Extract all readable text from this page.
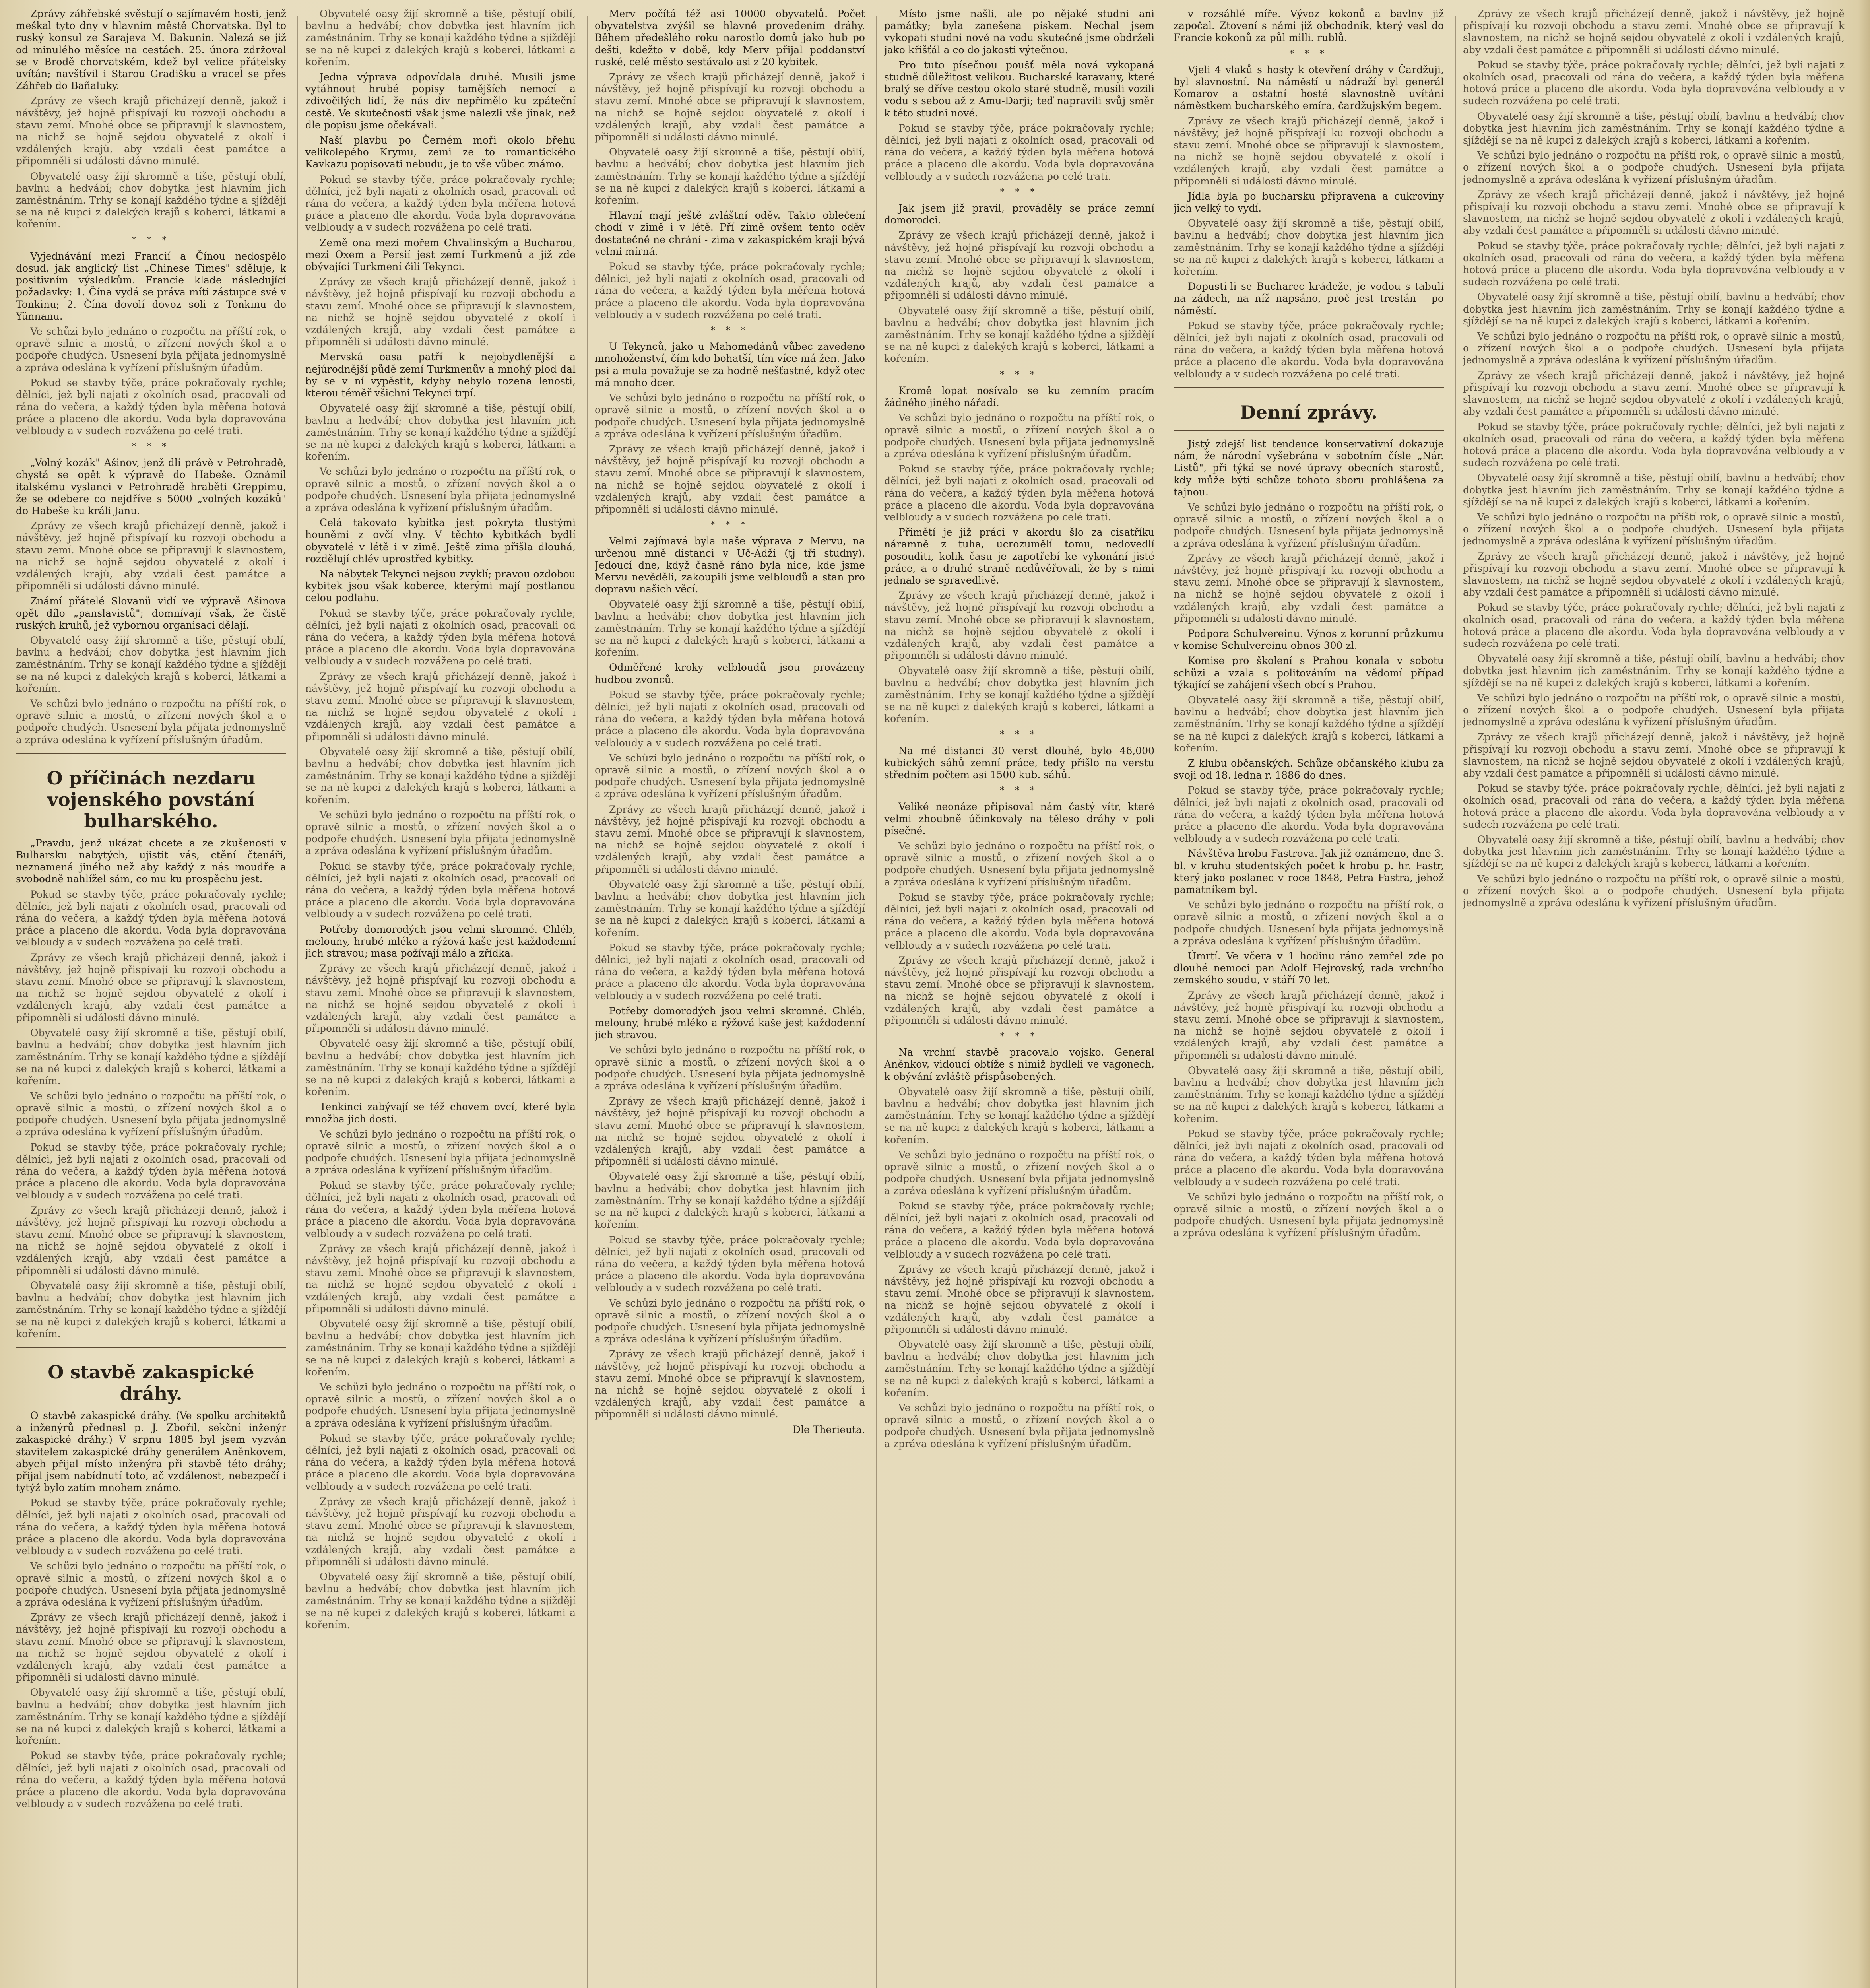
Zprávy záhřebské svěstují o sajímavém hosti, jenž meškal tyto dny v hlavním městě Chorvatska. Byl to ruský konsul ze Sarajeva M. Bakunin. Nalezá se již od minulého měsíce na cestách. 25. února zdržoval se v Brodě chorvatském, kdež byl velice přátelsky uvítán; navštívil i Starou Gradišku a vracel se přes Záhřeb do Bañaluky.

Zprávy ze všech krajů přicházejí denně, jakož i návštěvy, jež hojně přispívají ku rozvoji obchodu a stavu zemí. Mnohé obce se připravují k slavnostem, na nichž se hojně sejdou obyvatelé z okolí i vzdálených krajů, aby vzdali čest památce a připomněli si události dávno minulé.

Obyvatelé oasy žijí skromně a tiše, pěstují obilí, bavlnu a hedvábí; chov dobytka jest hlavním jich zaměstnáním. Trhy se konají každého týdne a sjíždějí se na ně kupci z dalekých krajů s koberci, látkami a kořením.

* * *

Vyjednávání mezi Francií a Čínou nedospělo dosud, jak anglický list „Chinese Times" sděluje, k positivním výsledkům. Francie klade následující požadavky: 1. Čína vydá se práva míti zástupce své v Tonkinu; 2. Čína dovolí dovoz soli z Tonkinu do Yünnanu.

Ve schůzi bylo jednáno o rozpočtu na příští rok, o opravě silnic a mostů, o zřízení nových škol a o podpoře chudých. Usnesení byla přijata jednomyslně a zpráva odeslána k vyřízení příslušným úřadům.

Pokud se stavby týče, práce pokračovaly rychle; dělníci, jež byli najati z okolních osad, pracovali od rána do večera, a každý týden byla měřena hotová práce a placeno dle akordu. Voda byla dopravována velbloudy a v sudech rozvážena po celé trati.

* * *

„Volný kozák" Ašinov, jenž dlí právě v Petrohradě, chystá se opět k výpravě do Habeše. Oznámil italskému vyslanci v Petrohradě hraběti Greppimu, že se odebere co nejdříve s 5000 „volných kozáků" do Habeše ku králi Janu.

Zprávy ze všech krajů přicházejí denně, jakož i návštěvy, jež hojně přispívají ku rozvoji obchodu a stavu zemí. Mnohé obce se připravují k slavnostem, na nichž se hojně sejdou obyvatelé z okolí i vzdálených krajů, aby vzdali čest památce a připomněli si události dávno minulé.

Známí přátelé Slovanů vidí ve výpravě Ašinova opět dílo „panslavistů"; domnívají však, že čistě ruských kruhů, jež vybornou organisaci dělají.

Obyvatelé oasy žijí skromně a tiše, pěstují obilí, bavlnu a hedvábí; chov dobytka jest hlavním jich zaměstnáním. Trhy se konají každého týdne a sjíždějí se na ně kupci z dalekých krajů s koberci, látkami a kořením.

Ve schůzi bylo jednáno o rozpočtu na příští rok, o opravě silnic a mostů, o zřízení nových škol a o podpoře chudých. Usnesení byla přijata jednomyslně a zpráva odeslána k vyřízení příslušným úřadům.

O příčinách nezdaru vojenského povstání bulharského.

„Pravdu, jenž ukázat chcete a ze zkušenosti v Bulharsku nabytých, ujistit vás, ctění čtenáři, neznamená jiného než aby každý z nás moudře a svobodně nahlížel sám, co mu ku prospěchu jest.

Pokud se stavby týče, práce pokračovaly rychle; dělníci, jež byli najati z okolních osad, pracovali od rána do večera, a každý týden byla měřena hotová práce a placeno dle akordu. Voda byla dopravována velbloudy a v sudech rozvážena po celé trati.

Zprávy ze všech krajů přicházejí denně, jakož i návštěvy, jež hojně přispívají ku rozvoji obchodu a stavu zemí. Mnohé obce se připravují k slavnostem, na nichž se hojně sejdou obyvatelé z okolí i vzdálených krajů, aby vzdali čest památce a připomněli si události dávno minulé.

Obyvatelé oasy žijí skromně a tiše, pěstují obilí, bavlnu a hedvábí; chov dobytka jest hlavním jich zaměstnáním. Trhy se konají každého týdne a sjíždějí se na ně kupci z dalekých krajů s koberci, látkami a kořením.

Ve schůzi bylo jednáno o rozpočtu na příští rok, o opravě silnic a mostů, o zřízení nových škol a o podpoře chudých. Usnesení byla přijata jednomyslně a zpráva odeslána k vyřízení příslušným úřadům.

Pokud se stavby týče, práce pokračovaly rychle; dělníci, jež byli najati z okolních osad, pracovali od rána do večera, a každý týden byla měřena hotová práce a placeno dle akordu. Voda byla dopravována velbloudy a v sudech rozvážena po celé trati.

Zprávy ze všech krajů přicházejí denně, jakož i návštěvy, jež hojně přispívají ku rozvoji obchodu a stavu zemí. Mnohé obce se připravují k slavnostem, na nichž se hojně sejdou obyvatelé z okolí i vzdálených krajů, aby vzdali čest památce a připomněli si události dávno minulé.

Obyvatelé oasy žijí skromně a tiše, pěstují obilí, bavlnu a hedvábí; chov dobytka jest hlavním jich zaměstnáním. Trhy se konají každého týdne a sjíždějí se na ně kupci z dalekých krajů s koberci, látkami a kořením.

O stavbě zakaspické dráhy.

O stavbě zakaspické dráhy. (Ve spolku architektů a inženýrů přednesl p. J. Zbořil, sekční inženýr zakaspické dráhy.) V srpnu 1885 byl jsem vyzván stavitelem zakaspické dráhy generálem Aněnkovem, abych přijal místo inženýra při stavbě této dráhy; přijal jsem nabídnutí toto, ač vzdálenost, nebezpečí i tytýž bylo zatím mnohem známo.

Pokud se stavby týče, práce pokračovaly rychle; dělníci, jež byli najati z okolních osad, pracovali od rána do večera, a každý týden byla měřena hotová práce a placeno dle akordu. Voda byla dopravována velbloudy a v sudech rozvážena po celé trati.

Ve schůzi bylo jednáno o rozpočtu na příští rok, o opravě silnic a mostů, o zřízení nových škol a o podpoře chudých. Usnesení byla přijata jednomyslně a zpráva odeslána k vyřízení příslušným úřadům.

Zprávy ze všech krajů přicházejí denně, jakož i návštěvy, jež hojně přispívají ku rozvoji obchodu a stavu zemí. Mnohé obce se připravují k slavnostem, na nichž se hojně sejdou obyvatelé z okolí i vzdálených krajů, aby vzdali čest památce a připomněli si události dávno minulé.

Obyvatelé oasy žijí skromně a tiše, pěstují obilí, bavlnu a hedvábí; chov dobytka jest hlavním jich zaměstnáním. Trhy se konají každého týdne a sjíždějí se na ně kupci z dalekých krajů s koberci, látkami a kořením.

Pokud se stavby týče, práce pokračovaly rychle; dělníci, jež byli najati z okolních osad, pracovali od rána do večera, a každý týden byla měřena hotová práce a placeno dle akordu. Voda byla dopravována velbloudy a v sudech rozvážena po celé trati.

Obyvatelé oasy žijí skromně a tiše, pěstují obilí, bavlnu a hedvábí; chov dobytka jest hlavním jich zaměstnáním. Trhy se konají každého týdne a sjíždějí se na ně kupci z dalekých krajů s koberci, látkami a kořením.

Jedna výprava odpovídala druhé. Musili jsme vytáhnout hrubé popisy tamějších nemocí a zdivočilých lidí, že nás div nepřimělo ku zpáteční cestě. Ve skutečnosti však jsme nalezli vše jinak, než dle popisu jsme očekávali.

Naší plavbu po Černém moři okolo břehu velikolepého Krymu, zemi ze to romantického Kavkazu popisovati nebudu, je to vše vůbec známo.

Pokud se stavby týče, práce pokračovaly rychle; dělníci, jež byli najati z okolních osad, pracovali od rána do večera, a každý týden byla měřena hotová práce a placeno dle akordu. Voda byla dopravována velbloudy a v sudech rozvážena po celé trati.

Země ona mezi mořem Chvalinským a Bucharou, mezi Oxem a Persií jest zemí Turkmenů a již zde obývající Turkmení čili Tekynci.

Zprávy ze všech krajů přicházejí denně, jakož i návštěvy, jež hojně přispívají ku rozvoji obchodu a stavu zemí. Mnohé obce se připravují k slavnostem, na nichž se hojně sejdou obyvatelé z okolí i vzdálených krajů, aby vzdali čest památce a připomněli si události dávno minulé.

Mervská oasa patří k nejobydlenější a nejúrodnější půdě zemí Turkmenův a mnohý plod dal by se v ní vypěstit, kdyby nebylo rozena lenosti, kterou téměř všichni Tekynci trpí.

Obyvatelé oasy žijí skromně a tiše, pěstují obilí, bavlnu a hedvábí; chov dobytka jest hlavním jich zaměstnáním. Trhy se konají každého týdne a sjíždějí se na ně kupci z dalekých krajů s koberci, látkami a kořením.

Ve schůzi bylo jednáno o rozpočtu na příští rok, o opravě silnic a mostů, o zřízení nových škol a o podpoře chudých. Usnesení byla přijata jednomyslně a zpráva odeslána k vyřízení příslušným úřadům.

Celá takovato kybitka jest pokryta tlustými houněmi z ovčí vlny. V těchto kybitkách bydlí obyvatelé v létě i v zimě. Ještě zima přišla dlouhá, rozdělují chlév uprostřed kybitky.

Na nábytek Tekynci nejsou zvyklí; pravou ozdobou kybitek jsou však koberce, kterými mají postlanou celou podlahu.

Pokud se stavby týče, práce pokračovaly rychle; dělníci, jež byli najati z okolních osad, pracovali od rána do večera, a každý týden byla měřena hotová práce a placeno dle akordu. Voda byla dopravována velbloudy a v sudech rozvážena po celé trati.

Zprávy ze všech krajů přicházejí denně, jakož i návštěvy, jež hojně přispívají ku rozvoji obchodu a stavu zemí. Mnohé obce se připravují k slavnostem, na nichž se hojně sejdou obyvatelé z okolí i vzdálených krajů, aby vzdali čest památce a připomněli si události dávno minulé.

Obyvatelé oasy žijí skromně a tiše, pěstují obilí, bavlnu a hedvábí; chov dobytka jest hlavním jich zaměstnáním. Trhy se konají každého týdne a sjíždějí se na ně kupci z dalekých krajů s koberci, látkami a kořením.

Ve schůzi bylo jednáno o rozpočtu na příští rok, o opravě silnic a mostů, o zřízení nových škol a o podpoře chudých. Usnesení byla přijata jednomyslně a zpráva odeslána k vyřízení příslušným úřadům.

Pokud se stavby týče, práce pokračovaly rychle; dělníci, jež byli najati z okolních osad, pracovali od rána do večera, a každý týden byla měřena hotová práce a placeno dle akordu. Voda byla dopravována velbloudy a v sudech rozvážena po celé trati.

Potřeby domorodých jsou velmi skromné. Chléb, melouny, hrubé mléko a rýžová kaše jest každodenní jich stravou; masa požívají málo a zřídka.

Zprávy ze všech krajů přicházejí denně, jakož i návštěvy, jež hojně přispívají ku rozvoji obchodu a stavu zemí. Mnohé obce se připravují k slavnostem, na nichž se hojně sejdou obyvatelé z okolí i vzdálených krajů, aby vzdali čest památce a připomněli si události dávno minulé.

Obyvatelé oasy žijí skromně a tiše, pěstují obilí, bavlnu a hedvábí; chov dobytka jest hlavním jich zaměstnáním. Trhy se konají každého týdne a sjíždějí se na ně kupci z dalekých krajů s koberci, látkami a kořením.

Tenkinci zabývají se též chovem ovcí, které byla množba jich dosti.

Ve schůzi bylo jednáno o rozpočtu na příští rok, o opravě silnic a mostů, o zřízení nových škol a o podpoře chudých. Usnesení byla přijata jednomyslně a zpráva odeslána k vyřízení příslušným úřadům.

Pokud se stavby týče, práce pokračovaly rychle; dělníci, jež byli najati z okolních osad, pracovali od rána do večera, a každý týden byla měřena hotová práce a placeno dle akordu. Voda byla dopravována velbloudy a v sudech rozvážena po celé trati.

Zprávy ze všech krajů přicházejí denně, jakož i návštěvy, jež hojně přispívají ku rozvoji obchodu a stavu zemí. Mnohé obce se připravují k slavnostem, na nichž se hojně sejdou obyvatelé z okolí i vzdálených krajů, aby vzdali čest památce a připomněli si události dávno minulé.

Obyvatelé oasy žijí skromně a tiše, pěstují obilí, bavlnu a hedvábí; chov dobytka jest hlavním jich zaměstnáním. Trhy se konají každého týdne a sjíždějí se na ně kupci z dalekých krajů s koberci, látkami a kořením.

Ve schůzi bylo jednáno o rozpočtu na příští rok, o opravě silnic a mostů, o zřízení nových škol a o podpoře chudých. Usnesení byla přijata jednomyslně a zpráva odeslána k vyřízení příslušným úřadům.

Pokud se stavby týče, práce pokračovaly rychle; dělníci, jež byli najati z okolních osad, pracovali od rána do večera, a každý týden byla měřena hotová práce a placeno dle akordu. Voda byla dopravována velbloudy a v sudech rozvážena po celé trati.

Zprávy ze všech krajů přicházejí denně, jakož i návštěvy, jež hojně přispívají ku rozvoji obchodu a stavu zemí. Mnohé obce se připravují k slavnostem, na nichž se hojně sejdou obyvatelé z okolí i vzdálených krajů, aby vzdali čest památce a připomněli si události dávno minulé.

Obyvatelé oasy žijí skromně a tiše, pěstují obilí, bavlnu a hedvábí; chov dobytka jest hlavním jich zaměstnáním. Trhy se konají každého týdne a sjíždějí se na ně kupci z dalekých krajů s koberci, látkami a kořením.

Merv počítá též asi 10000 obyvatelů. Počet obyvatelstva zvýšil se hlavně provedením dráhy. Během předešlého roku narostlo domů jako hub po dešti, kdežto v době, kdy Merv přijal poddanství ruské, celé město sestávalo asi z 20 kybitek.

Zprávy ze všech krajů přicházejí denně, jakož i návštěvy, jež hojně přispívají ku rozvoji obchodu a stavu zemí. Mnohé obce se připravují k slavnostem, na nichž se hojně sejdou obyvatelé z okolí i vzdálených krajů, aby vzdali čest památce a připomněli si události dávno minulé.

Obyvatelé oasy žijí skromně a tiše, pěstují obilí, bavlnu a hedvábí; chov dobytka jest hlavním jich zaměstnáním. Trhy se konají každého týdne a sjíždějí se na ně kupci z dalekých krajů s koberci, látkami a kořením.

Hlavní mají ještě zvláštní oděv. Takto oblečení chodí v zimě i v létě. Pří zimě ovšem tento oděv dostatečně ne chrání - zima v zakaspickém kraji bývá velmi mírná.

Pokud se stavby týče, práce pokračovaly rychle; dělníci, jež byli najati z okolních osad, pracovali od rána do večera, a každý týden byla měřena hotová práce a placeno dle akordu. Voda byla dopravována velbloudy a v sudech rozvážena po celé trati.

* * *

U Tekynců, jako u Mahomedánů vůbec zavedeno mnohoženství, čím kdo bohatší, tím více má žen. Jako psi a mula považuje se za hodně nešťastné, když otec má mnoho dcer.

Ve schůzi bylo jednáno o rozpočtu na příští rok, o opravě silnic a mostů, o zřízení nových škol a o podpoře chudých. Usnesení byla přijata jednomyslně a zpráva odeslána k vyřízení příslušným úřadům.

Zprávy ze všech krajů přicházejí denně, jakož i návštěvy, jež hojně přispívají ku rozvoji obchodu a stavu zemí. Mnohé obce se připravují k slavnostem, na nichž se hojně sejdou obyvatelé z okolí i vzdálených krajů, aby vzdali čest památce a připomněli si události dávno minulé.

* * *

Velmi zajímavá byla naše výprava z Mervu, na určenou mně distanci v Uč-Adži (tj tři studny). Jedoucí dne, když časně ráno byla nice, kde jsme Mervu nevěděli, zakoupili jsme velbloudů a stan pro dopravu našich věcí.

Obyvatelé oasy žijí skromně a tiše, pěstují obilí, bavlnu a hedvábí; chov dobytka jest hlavním jich zaměstnáním. Trhy se konají každého týdne a sjíždějí se na ně kupci z dalekých krajů s koberci, látkami a kořením.

Odměřené kroky velbloudů jsou provázeny hudbou zvonců.

Pokud se stavby týče, práce pokračovaly rychle; dělníci, jež byli najati z okolních osad, pracovali od rána do večera, a každý týden byla měřena hotová práce a placeno dle akordu. Voda byla dopravována velbloudy a v sudech rozvážena po celé trati.

Ve schůzi bylo jednáno o rozpočtu na příští rok, o opravě silnic a mostů, o zřízení nových škol a o podpoře chudých. Usnesení byla přijata jednomyslně a zpráva odeslána k vyřízení příslušným úřadům.

Zprávy ze všech krajů přicházejí denně, jakož i návštěvy, jež hojně přispívají ku rozvoji obchodu a stavu zemí. Mnohé obce se připravují k slavnostem, na nichž se hojně sejdou obyvatelé z okolí i vzdálených krajů, aby vzdali čest památce a připomněli si události dávno minulé.

Obyvatelé oasy žijí skromně a tiše, pěstují obilí, bavlnu a hedvábí; chov dobytka jest hlavním jich zaměstnáním. Trhy se konají každého týdne a sjíždějí se na ně kupci z dalekých krajů s koberci, látkami a kořením.

Pokud se stavby týče, práce pokračovaly rychle; dělníci, jež byli najati z okolních osad, pracovali od rána do večera, a každý týden byla měřena hotová práce a placeno dle akordu. Voda byla dopravována velbloudy a v sudech rozvážena po celé trati.

Potřeby domorodých jsou velmi skromné. Chléb, melouny, hrubé mléko a rýžová kaše jest každodenní jich stravou.

Ve schůzi bylo jednáno o rozpočtu na příští rok, o opravě silnic a mostů, o zřízení nových škol a o podpoře chudých. Usnesení byla přijata jednomyslně a zpráva odeslána k vyřízení příslušným úřadům.

Zprávy ze všech krajů přicházejí denně, jakož i návštěvy, jež hojně přispívají ku rozvoji obchodu a stavu zemí. Mnohé obce se připravují k slavnostem, na nichž se hojně sejdou obyvatelé z okolí i vzdálených krajů, aby vzdali čest památce a připomněli si události dávno minulé.

Obyvatelé oasy žijí skromně a tiše, pěstují obilí, bavlnu a hedvábí; chov dobytka jest hlavním jich zaměstnáním. Trhy se konají každého týdne a sjíždějí se na ně kupci z dalekých krajů s koberci, látkami a kořením.

Pokud se stavby týče, práce pokračovaly rychle; dělníci, jež byli najati z okolních osad, pracovali od rána do večera, a každý týden byla měřena hotová práce a placeno dle akordu. Voda byla dopravována velbloudy a v sudech rozvážena po celé trati.

Ve schůzi bylo jednáno o rozpočtu na příští rok, o opravě silnic a mostů, o zřízení nových škol a o podpoře chudých. Usnesení byla přijata jednomyslně a zpráva odeslána k vyřízení příslušným úřadům.

Zprávy ze všech krajů přicházejí denně, jakož i návštěvy, jež hojně přispívají ku rozvoji obchodu a stavu zemí. Mnohé obce se připravují k slavnostem, na nichž se hojně sejdou obyvatelé z okolí i vzdálených krajů, aby vzdali čest památce a připomněli si události dávno minulé.

Dle Therieuta.

Místo jsme našli, ale po nějaké studni ani památky; byla zanešena pískem. Nechal jsem vykopati studni nové na vodu skutečně jsme obdrželi jako křišťál a co do jakosti výtečnou.

Pro tuto písečnou poušť měla nová vykopaná studně důležitost velikou. Bucharské karavany, které bralý se dříve cestou okolo staré studně, musili vozili vodu s sebou až z Amu-Darji; teď napravili svůj směr k této studni nové.

Pokud se stavby týče, práce pokračovaly rychle; dělníci, jež byli najati z okolních osad, pracovali od rána do večera, a každý týden byla měřena hotová práce a placeno dle akordu. Voda byla dopravována velbloudy a v sudech rozvážena po celé trati.

* * *

Jak jsem již pravil, prováděly se práce zemní domorodci.

Zprávy ze všech krajů přicházejí denně, jakož i návštěvy, jež hojně přispívají ku rozvoji obchodu a stavu zemí. Mnohé obce se připravují k slavnostem, na nichž se hojně sejdou obyvatelé z okolí i vzdálených krajů, aby vzdali čest památce a připomněli si události dávno minulé.

Obyvatelé oasy žijí skromně a tiše, pěstují obilí, bavlnu a hedvábí; chov dobytka jest hlavním jich zaměstnáním. Trhy se konají každého týdne a sjíždějí se na ně kupci z dalekých krajů s koberci, látkami a kořením.

* * *

Kromě lopat nosívalo se ku zemním pracím žádného jiného nářadí.

Ve schůzi bylo jednáno o rozpočtu na příští rok, o opravě silnic a mostů, o zřízení nových škol a o podpoře chudých. Usnesení byla přijata jednomyslně a zpráva odeslána k vyřízení příslušným úřadům.

Pokud se stavby týče, práce pokračovaly rychle; dělníci, jež byli najati z okolních osad, pracovali od rána do večera, a každý týden byla měřena hotová práce a placeno dle akordu. Voda byla dopravována velbloudy a v sudech rozvážena po celé trati.

Přimětí je již práci v akordu šlo za cisatříku náramně z tuha, ucrozumělí tomu, nedovedlí posouditi, kolik času je zapotřebí ke vykonání jisté práce, a o druhé straně nedůvěřovali, že by s nimi jednalo se spravedlivě.

Zprávy ze všech krajů přicházejí denně, jakož i návštěvy, jež hojně přispívají ku rozvoji obchodu a stavu zemí. Mnohé obce se připravují k slavnostem, na nichž se hojně sejdou obyvatelé z okolí i vzdálených krajů, aby vzdali čest památce a připomněli si události dávno minulé.

Obyvatelé oasy žijí skromně a tiše, pěstují obilí, bavlnu a hedvábí; chov dobytka jest hlavním jich zaměstnáním. Trhy se konají každého týdne a sjíždějí se na ně kupci z dalekých krajů s koberci, látkami a kořením.

* * *

Na mé distanci 30 verst dlouhé, bylo 46,000 kubických sáhů zemní práce, tedy přišlo na verstu středním počtem asi 1500 kub. sáhů.

* * *

Veliké neonáze připisoval nám častý vítr, které velmi zhoubně účinkovaly na těleso dráhy v poli písečné.

Ve schůzi bylo jednáno o rozpočtu na příští rok, o opravě silnic a mostů, o zřízení nových škol a o podpoře chudých. Usnesení byla přijata jednomyslně a zpráva odeslána k vyřízení příslušným úřadům.

Pokud se stavby týče, práce pokračovaly rychle; dělníci, jež byli najati z okolních osad, pracovali od rána do večera, a každý týden byla měřena hotová práce a placeno dle akordu. Voda byla dopravována velbloudy a v sudech rozvážena po celé trati.

Zprávy ze všech krajů přicházejí denně, jakož i návštěvy, jež hojně přispívají ku rozvoji obchodu a stavu zemí. Mnohé obce se připravují k slavnostem, na nichž se hojně sejdou obyvatelé z okolí i vzdálených krajů, aby vzdali čest památce a připomněli si události dávno minulé.

* * *

Na vrchní stavbě pracovalo vojsko. General Aněnkov, vidoucí obtíže s nimiž bydleli ve vagonech, k obývání zvláště přispůsobených.

Obyvatelé oasy žijí skromně a tiše, pěstují obilí, bavlnu a hedvábí; chov dobytka jest hlavním jich zaměstnáním. Trhy se konají každého týdne a sjíždějí se na ně kupci z dalekých krajů s koberci, látkami a kořením.

Ve schůzi bylo jednáno o rozpočtu na příští rok, o opravě silnic a mostů, o zřízení nových škol a o podpoře chudých. Usnesení byla přijata jednomyslně a zpráva odeslána k vyřízení příslušným úřadům.

Pokud se stavby týče, práce pokračovaly rychle; dělníci, jež byli najati z okolních osad, pracovali od rána do večera, a každý týden byla měřena hotová práce a placeno dle akordu. Voda byla dopravována velbloudy a v sudech rozvážena po celé trati.

Zprávy ze všech krajů přicházejí denně, jakož i návštěvy, jež hojně přispívají ku rozvoji obchodu a stavu zemí. Mnohé obce se připravují k slavnostem, na nichž se hojně sejdou obyvatelé z okolí i vzdálených krajů, aby vzdali čest památce a připomněli si události dávno minulé.

Obyvatelé oasy žijí skromně a tiše, pěstují obilí, bavlnu a hedvábí; chov dobytka jest hlavním jich zaměstnáním. Trhy se konají každého týdne a sjíždějí se na ně kupci z dalekých krajů s koberci, látkami a kořením.

Ve schůzi bylo jednáno o rozpočtu na příští rok, o opravě silnic a mostů, o zřízení nových škol a o podpoře chudých. Usnesení byla přijata jednomyslně a zpráva odeslána k vyřízení příslušným úřadům.

v rozsáhlé míře. Vývoz kokonů a bavlny již započal. Ztovení s námi již obchodník, který vesl do Francie kokonů za půl milli. rublů.

* * *

Vjeli 4 vlaků s hosty k otevření dráhy v Čardžuji, byl slavnostní. Na náměstí u nádraží byl generál Komarov a ostatní hosté slavnostně uvítání náměstkem bucharského emíra, čardžujským begem.

Zprávy ze všech krajů přicházejí denně, jakož i návštěvy, jež hojně přispívají ku rozvoji obchodu a stavu zemí. Mnohé obce se připravují k slavnostem, na nichž se hojně sejdou obyvatelé z okolí i vzdálených krajů, aby vzdali čest památce a připomněli si události dávno minulé.

Jídla byla po bucharsku připravena a cukroviny jich velký to vydí.

Obyvatelé oasy žijí skromně a tiše, pěstují obilí, bavlnu a hedvábí; chov dobytka jest hlavním jich zaměstnáním. Trhy se konají každého týdne a sjíždějí se na ně kupci z dalekých krajů s koberci, látkami a kořením.

Dopusti-li se Bucharec krádeže, je vodou s tabulí na zádech, na níž napsáno, proč jest trestán - po náměstí.

Pokud se stavby týče, práce pokračovaly rychle; dělníci, jež byli najati z okolních osad, pracovali od rána do večera, a každý týden byla měřena hotová práce a placeno dle akordu. Voda byla dopravována velbloudy a v sudech rozvážena po celé trati.

Denní zprávy.

Jistý zdejší list tendence konservativní dokazuje nám, že národní vyšebrána v sobotním čísle „Nár. Listů", při týká se nové úpravy obecních starostů, kdy může býti schůze tohoto sboru prohlášena za tajnou.

Ve schůzi bylo jednáno o rozpočtu na příští rok, o opravě silnic a mostů, o zřízení nových škol a o podpoře chudých. Usnesení byla přijata jednomyslně a zpráva odeslána k vyřízení příslušným úřadům.

Zprávy ze všech krajů přicházejí denně, jakož i návštěvy, jež hojně přispívají ku rozvoji obchodu a stavu zemí. Mnohé obce se připravují k slavnostem, na nichž se hojně sejdou obyvatelé z okolí i vzdálených krajů, aby vzdali čest památce a připomněli si události dávno minulé.

Podpora Schulvereinu. Výnos z korunní průzkumu v komise Schulvereinu obnos 300 zl.

Komise pro školení s Prahou konala v sobotu schůzi a vzala s politováním na vědomí případ týkající se zahájení všech obcí s Prahou.

Obyvatelé oasy žijí skromně a tiše, pěstují obilí, bavlnu a hedvábí; chov dobytka jest hlavním jich zaměstnáním. Trhy se konají každého týdne a sjíždějí se na ně kupci z dalekých krajů s koberci, látkami a kořením.

Z klubu občanských. Schůze občanského klubu za svoji od 18. ledna r. 1886 do dnes.

Pokud se stavby týče, práce pokračovaly rychle; dělníci, jež byli najati z okolních osad, pracovali od rána do večera, a každý týden byla měřena hotová práce a placeno dle akordu. Voda byla dopravována velbloudy a v sudech rozvážena po celé trati.

Návštěva hrobu Fastrova. Jak již oznámeno, dne 3. bl. v kruhu studentských počet k hrobu p. hr. Fastr, který jako poslanec v roce 1848, Petra Fastra, jehož pamatníkem byl.

Ve schůzi bylo jednáno o rozpočtu na příští rok, o opravě silnic a mostů, o zřízení nových škol a o podpoře chudých. Usnesení byla přijata jednomyslně a zpráva odeslána k vyřízení příslušným úřadům.

Úmrtí. Ve včera v 1 hodinu ráno zemřel zde po dlouhé nemoci pan Adolf Hejrovský, rada vrchního zemského soudu, v stáří 70 let.

Zprávy ze všech krajů přicházejí denně, jakož i návštěvy, jež hojně přispívají ku rozvoji obchodu a stavu zemí. Mnohé obce se připravují k slavnostem, na nichž se hojně sejdou obyvatelé z okolí i vzdálených krajů, aby vzdali čest památce a připomněli si události dávno minulé.

Obyvatelé oasy žijí skromně a tiše, pěstují obilí, bavlnu a hedvábí; chov dobytka jest hlavním jich zaměstnáním. Trhy se konají každého týdne a sjíždějí se na ně kupci z dalekých krajů s koberci, látkami a kořením.

Pokud se stavby týče, práce pokračovaly rychle; dělníci, jež byli najati z okolních osad, pracovali od rána do večera, a každý týden byla měřena hotová práce a placeno dle akordu. Voda byla dopravována velbloudy a v sudech rozvážena po celé trati.

Ve schůzi bylo jednáno o rozpočtu na příští rok, o opravě silnic a mostů, o zřízení nových škol a o podpoře chudých. Usnesení byla přijata jednomyslně a zpráva odeslána k vyřízení příslušným úřadům.

Zprávy ze všech krajů přicházejí denně, jakož i návštěvy, jež hojně přispívají ku rozvoji obchodu a stavu zemí. Mnohé obce se připravují k slavnostem, na nichž se hojně sejdou obyvatelé z okolí i vzdálených krajů, aby vzdali čest památce a připomněli si události dávno minulé.

Pokud se stavby týče, práce pokračovaly rychle; dělníci, jež byli najati z okolních osad, pracovali od rána do večera, a každý týden byla měřena hotová práce a placeno dle akordu. Voda byla dopravována velbloudy a v sudech rozvážena po celé trati.

Obyvatelé oasy žijí skromně a tiše, pěstují obilí, bavlnu a hedvábí; chov dobytka jest hlavním jich zaměstnáním. Trhy se konají každého týdne a sjíždějí se na ně kupci z dalekých krajů s koberci, látkami a kořením.

Ve schůzi bylo jednáno o rozpočtu na příští rok, o opravě silnic a mostů, o zřízení nových škol a o podpoře chudých. Usnesení byla přijata jednomyslně a zpráva odeslána k vyřízení příslušným úřadům.

Zprávy ze všech krajů přicházejí denně, jakož i návštěvy, jež hojně přispívají ku rozvoji obchodu a stavu zemí. Mnohé obce se připravují k slavnostem, na nichž se hojně sejdou obyvatelé z okolí i vzdálených krajů, aby vzdali čest památce a připomněli si události dávno minulé.

Pokud se stavby týče, práce pokračovaly rychle; dělníci, jež byli najati z okolních osad, pracovali od rána do večera, a každý týden byla měřena hotová práce a placeno dle akordu. Voda byla dopravována velbloudy a v sudech rozvážena po celé trati.

Obyvatelé oasy žijí skromně a tiše, pěstují obilí, bavlnu a hedvábí; chov dobytka jest hlavním jich zaměstnáním. Trhy se konají každého týdne a sjíždějí se na ně kupci z dalekých krajů s koberci, látkami a kořením.

Ve schůzi bylo jednáno o rozpočtu na příští rok, o opravě silnic a mostů, o zřízení nových škol a o podpoře chudých. Usnesení byla přijata jednomyslně a zpráva odeslána k vyřízení příslušným úřadům.

Zprávy ze všech krajů přicházejí denně, jakož i návštěvy, jež hojně přispívají ku rozvoji obchodu a stavu zemí. Mnohé obce se připravují k slavnostem, na nichž se hojně sejdou obyvatelé z okolí i vzdálených krajů, aby vzdali čest památce a připomněli si události dávno minulé.

Pokud se stavby týče, práce pokračovaly rychle; dělníci, jež byli najati z okolních osad, pracovali od rána do večera, a každý týden byla měřena hotová práce a placeno dle akordu. Voda byla dopravována velbloudy a v sudech rozvážena po celé trati.

Obyvatelé oasy žijí skromně a tiše, pěstují obilí, bavlnu a hedvábí; chov dobytka jest hlavním jich zaměstnáním. Trhy se konají každého týdne a sjíždějí se na ně kupci z dalekých krajů s koberci, látkami a kořením.

Ve schůzi bylo jednáno o rozpočtu na příští rok, o opravě silnic a mostů, o zřízení nových škol a o podpoře chudých. Usnesení byla přijata jednomyslně a zpráva odeslána k vyřízení příslušným úřadům.

Zprávy ze všech krajů přicházejí denně, jakož i návštěvy, jež hojně přispívají ku rozvoji obchodu a stavu zemí. Mnohé obce se připravují k slavnostem, na nichž se hojně sejdou obyvatelé z okolí i vzdálených krajů, aby vzdali čest památce a připomněli si události dávno minulé.

Pokud se stavby týče, práce pokračovaly rychle; dělníci, jež byli najati z okolních osad, pracovali od rána do večera, a každý týden byla měřena hotová práce a placeno dle akordu. Voda byla dopravována velbloudy a v sudech rozvážena po celé trati.

Obyvatelé oasy žijí skromně a tiše, pěstují obilí, bavlnu a hedvábí; chov dobytka jest hlavním jich zaměstnáním. Trhy se konají každého týdne a sjíždějí se na ně kupci z dalekých krajů s koberci, látkami a kořením.

Ve schůzi bylo jednáno o rozpočtu na příští rok, o opravě silnic a mostů, o zřízení nových škol a o podpoře chudých. Usnesení byla přijata jednomyslně a zpráva odeslána k vyřízení příslušným úřadům.

Zprávy ze všech krajů přicházejí denně, jakož i návštěvy, jež hojně přispívají ku rozvoji obchodu a stavu zemí. Mnohé obce se připravují k slavnostem, na nichž se hojně sejdou obyvatelé z okolí i vzdálených krajů, aby vzdali čest památce a připomněli si události dávno minulé.

Pokud se stavby týče, práce pokračovaly rychle; dělníci, jež byli najati z okolních osad, pracovali od rána do večera, a každý týden byla měřena hotová práce a placeno dle akordu. Voda byla dopravována velbloudy a v sudech rozvážena po celé trati.

Obyvatelé oasy žijí skromně a tiše, pěstují obilí, bavlnu a hedvábí; chov dobytka jest hlavním jich zaměstnáním. Trhy se konají každého týdne a sjíždějí se na ně kupci z dalekých krajů s koberci, látkami a kořením.

Ve schůzi bylo jednáno o rozpočtu na příští rok, o opravě silnic a mostů, o zřízení nových škol a o podpoře chudých. Usnesení byla přijata jednomyslně a zpráva odeslána k vyřízení příslušným úřadům.
